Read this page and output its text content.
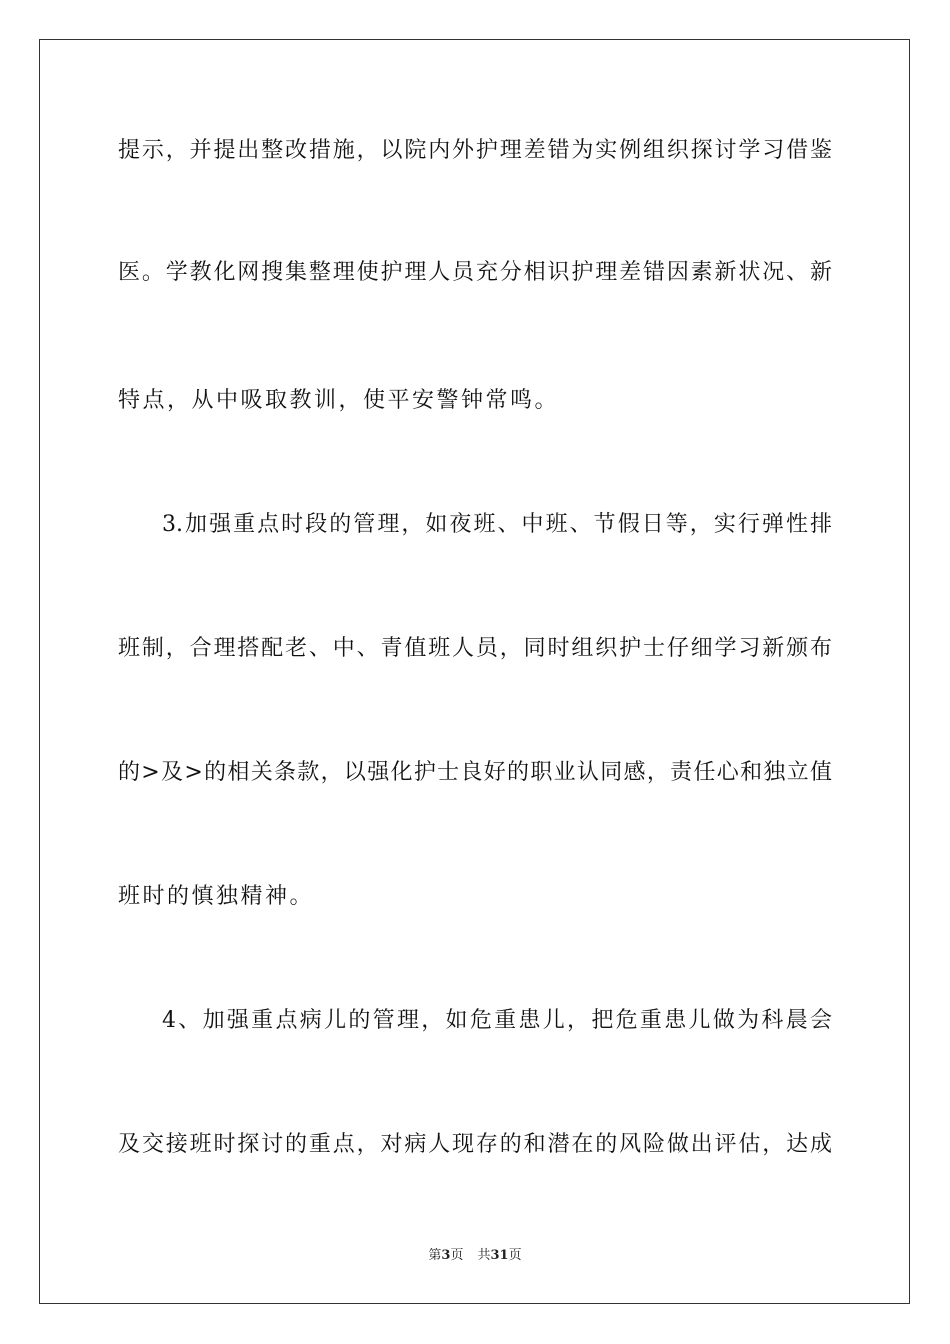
提示，并提出整改措施，以院内外护理差错为实例组织探讨学习借鉴
医。学教化网搜集整理使护理人员充分相识护理差错因素新状况、新
特点，从中吸取教训，使平安警钟常鸣。
3.加强重点时段的管理，如夜班、中班、节假日等，实行弹性排
班制，合理搭配老、中、青值班人员，同时组织护士仔细学习新颁布
的>及>的相关条款，以强化护士良好的职业认同感，责任心和独立值
班时的慎独精神。
4、加强重点病儿的管理，如危重患儿，把危重患儿做为科晨会
及交接班时探讨的重点，对病人现存的和潜在的风险做出评估，达成
第3页 共31页
